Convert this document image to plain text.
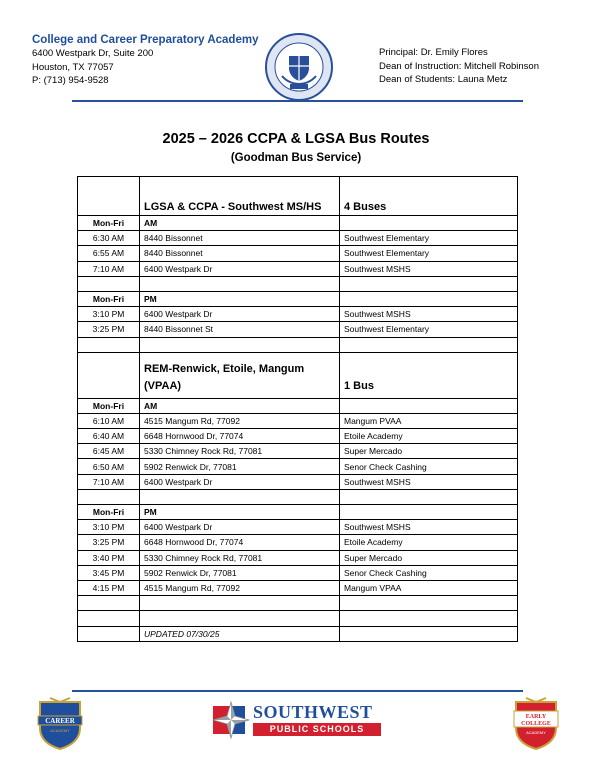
College and Career Preparatory Academy
6400 Westpark Dr, Suite 200
Houston, TX 77057
P: (713) 954-9528
Principal: Dr. Emily Flores
Dean of Instruction: Mitchell Robinson
Dean of Students: Launa Metz
2025 – 2026 CCPA & LGSA Bus Routes
(Goodman Bus Service)
	LGSA & CCPA - Southwest MS/HS	4 Buses
Mon-Fri	AM	
6:30 AM	8440 Bissonnet	Southwest Elementary
6:55 AM	8440 Bissonnet	Southwest Elementary
7:10 AM	6400 Westpark Dr	Southwest MSHS

Mon-Fri	PM	
3:10 PM	6400 Westpark Dr	Southwest MSHS
3:25 PM	8440 Bissonnet St	Southwest Elementary

	REM-Renwick, Etoile, Mangum (VPAA)	1 Bus
Mon-Fri	AM	
6:10 AM	4515 Mangum Rd, 77092	Mangum PVAA
6:40 AM	6648 Hornwood Dr, 77074	Etoile Academy
6:45 AM	5330 Chimney Rock Rd, 77081	Super Mercado
6:50 AM	5902 Renwick Dr, 77081	Senor Check Cashing
7:10 AM	6400 Westpark Dr	Southwest MSHS

Mon-Fri	PM	
3:10 PM	6400 Westpark Dr	Southwest MSHS
3:25 PM	6648 Hornwood Dr, 77074	Etoile Academy
3:40 PM	5330 Chimney Rock Rd, 77081	Super Mercado
3:45 PM	5902 Renwick Dr, 77081	Senor Check Cashing
4:15 PM	4515 Mangum Rd, 77092	Mangum VPAA

	UPDATED 07/30/25	
CAREER
ACADEMY
SOUTHWEST
PUBLIC SCHOOLS
EARLY
COLLEGE
ACADEMY
